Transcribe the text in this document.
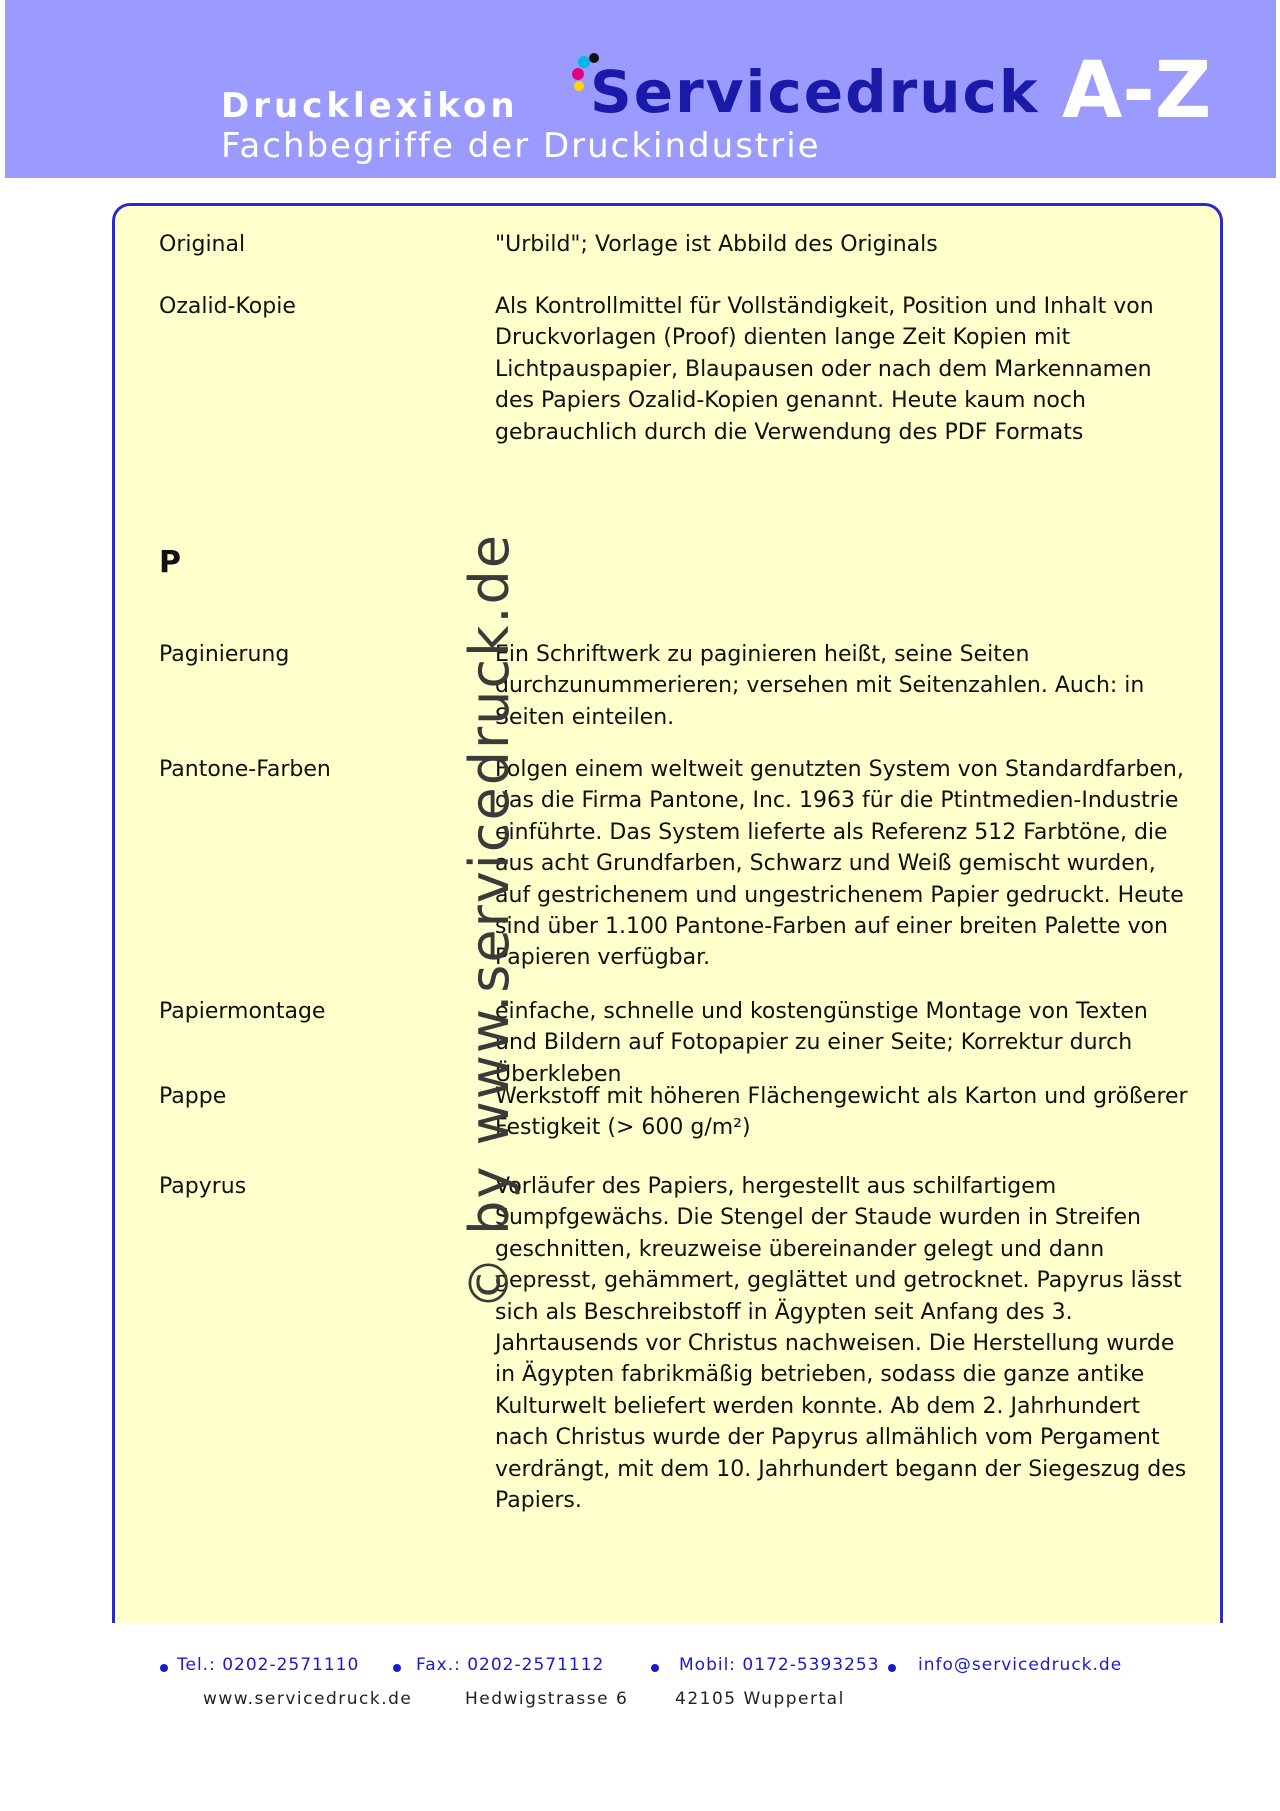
Drucklexikon
Fachbegriffe der Druckindustrie
Servicedruck A-Z
Original	"Urbild"; Vorlage ist Abbild des Originals
Ozalid-Kopie	Als Kontrollmittel für Vollständigkeit, Position und Inhalt von Druckvorlagen (Proof) dienten lange Zeit Kopien mit Lichtpauspapier, Blaupausen oder nach dem Markennamen des Papiers Ozalid-Kopien genannt. Heute kaum noch gebrauchlich durch die Verwendung des PDF Formats
P
Paginierung	Ein Schriftwerk zu paginieren heißt, seine Seiten durchzunummerieren; versehen mit Seitenzahlen. Auch: in Seiten einteilen.
Pantone-Farben	Folgen einem weltweit genutzten System von Standardfarben, das die Firma Pantone, Inc. 1963 für die Ptintmedien-Industrie einführte. Das System lieferte als Referenz 512 Farbtöne, die aus acht Grundfarben, Schwarz und Weiß gemischt wurden, auf gestrichenem und ungestrichenem Papier gedruckt. Heute sind über 1.100 Pantone-Farben auf einer breiten Palette von Papieren verfügbar.
Papiermontage	einfache, schnelle und kostengünstige Montage von Texten und Bildern auf Fotopapier zu einer Seite; Korrektur durch Überkleben
Pappe	Werkstoff mit höheren Flächengewicht als Karton und größerer Festigkeit (> 600 g/m²)
Papyrus	Vorläufer des Papiers, hergestellt aus schilfartigem Sumpfgewächs. Die Stengel der Staude wurden in Streifen geschnitten, kreuzweise übereinander gelegt und dann gepresst, gehämmert, geglättet und getrocknet. Papyrus lässt sich als Beschreibstoff in Ägypten seit Anfang des 3. Jahrtausends vor Christus nachweisen. Die Herstellung wurde in Ägypten fabrikmäßig betrieben, sodass die ganze antike Kulturwelt beliefert werden konnte. Ab dem 2. Jahrhundert nach Christus wurde der Papyrus allmählich vom Pergament verdrängt, mit dem 10. Jahrhundert begann der Siegeszug des Papiers.
© by www.servicedruck.de
Tel.: 0202-2571110	Fax.: 0202-2571112	Mobil: 0172-5393253 info@servicedruck.de
www.servicedruck.de	Hedwigstrasse 6	42105 Wuppertal
